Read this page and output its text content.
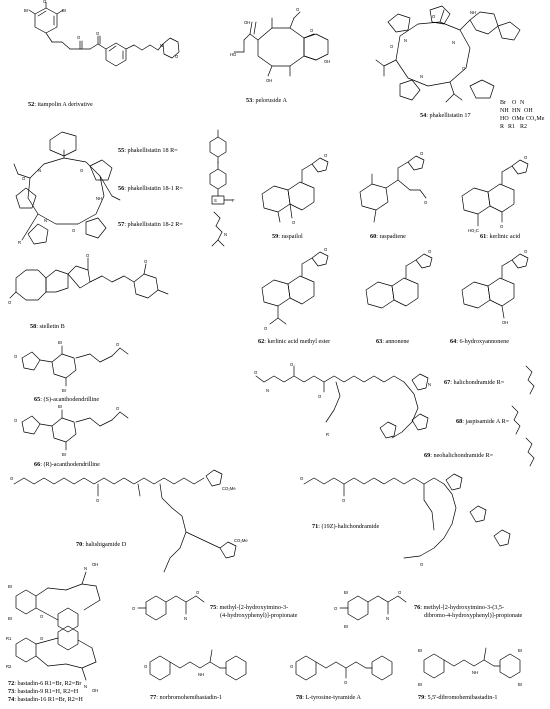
Br	Br
O
O
O
O
N
OH
O
O
HO
OH
OH
NH
N	N
N
O
O
O
O
N	O
NH
N
R
O
S	F
N
O
O
O
O
O	O
O
HO₂C
O
O
O
O
O
OH
O
O
Br
Br
O
O
Br
Br
O
O
N
O
O
R
N
O
CO₂Me
CO₂Me
O
O
O
O
N
OH
N
OH
Br
Br
R1
R2
O
O
O
N
O	Br
Br
O
N
O
NH
O
O
O
Br
Br
Br
Br
NH
52: itampolin A derivative
53: peloruside A
54: phakellistatin 17
55: phakellistatin 18 R=
56: phakellistatin 18-1 R=
57: phakellistatin 18-2 R=
58: stelletin B
59: raspailol	60: raspadiene	61: kerlinic acid
62: kerlinic acid methyl ester	63: annonene	64: 6-hydroxyannonene
65: (S)-acanthodendrilline
66: (R)-acanthodendrilline
67: halichondramide R=
68: jaspisamide A R=
69: neohalichondramide R=
70: halishigamide D
71: (19Z)-halichondramide
72: bastadin-6 R1=Br, R2=Br
73: bastadin-9 R1=H, R2=H
74: bastadin-16 R1=Br, R2=H
75: methyl-[2-hydroxyimino-3-
(4-hydroxyphenyl)]-propionate
76: methyl-[2-hydroxyimino-3-(3,5-
dibromo-4-hydroxyphenyl)]-propionate
77: norbromohemibastadin-1	78: L-tyrosine-tyramide A	79: 5,5'-dibromohemibastadin-1
Br O N
NH HN OH
HO OMe CO₂Me
R R1 R2
